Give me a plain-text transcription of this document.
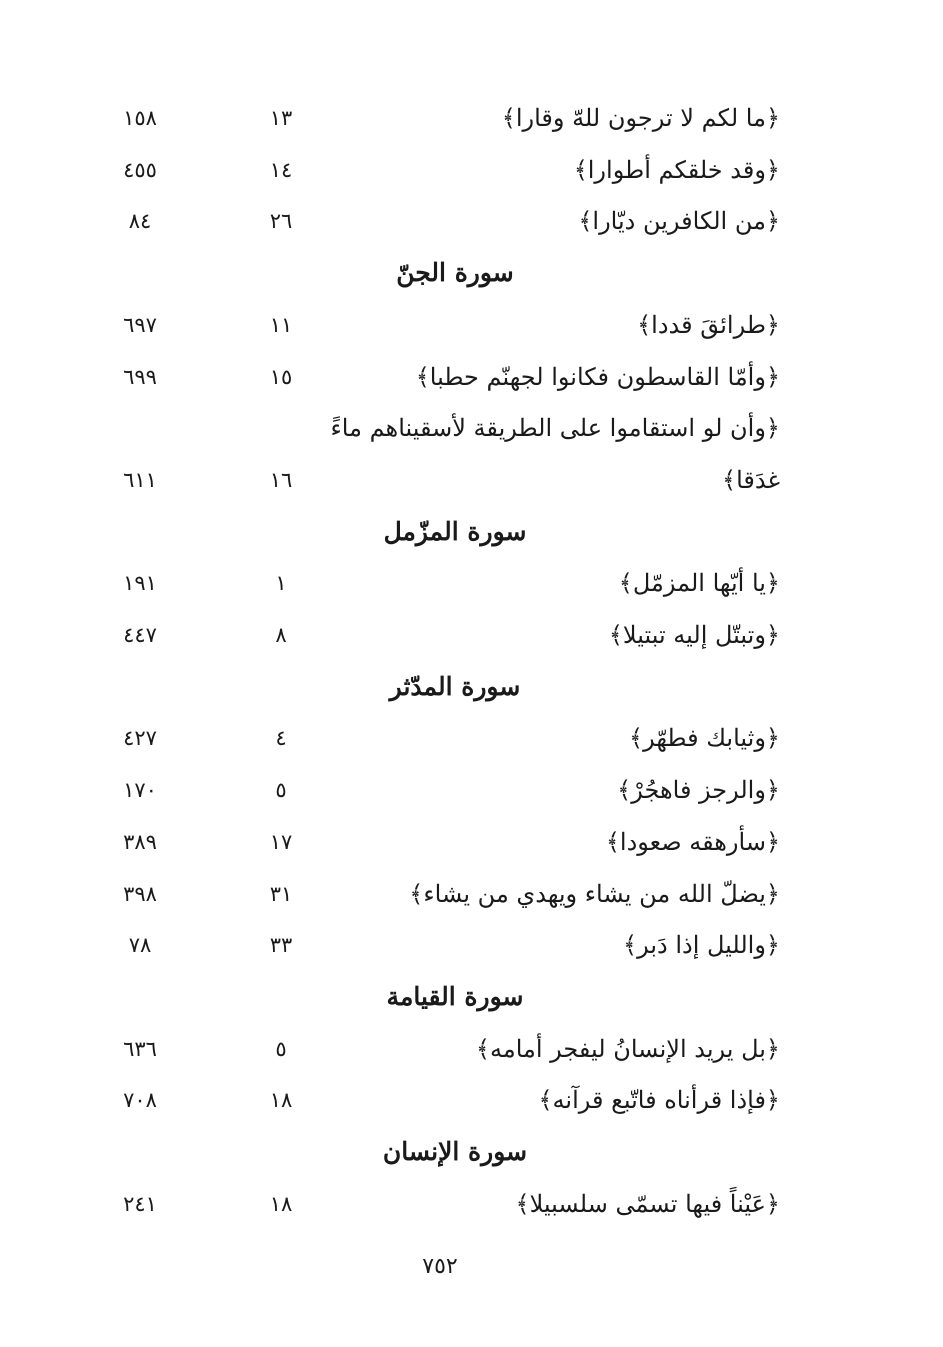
﴿ما لكم لا ترجون للهّ وقارا﴾
١٣
١٥٨
﴿وقد خلقكم أطوارا﴾
١٤
٤٥٥
﴿من الكافرين ديّارا﴾
٢٦
٨٤
سورة الجنّ
﴿طرائقَ قددا﴾
١١
٦٩٧
﴿وأمّا القاسطون فكانوا لجهنّم حطبا﴾
١٥
٦٩٩
﴿وأن لو استقاموا على الطريقة لأسقيناهم ماءً
غدَقا﴾
١٦
٦١١
سورة المزّمل
﴿يا أيّها المزمّل﴾
١
١٩١
﴿وتبتّل إليه تبتيلا﴾
٨
٤٤٧
سورة المدّثر
﴿وثيابك فطهّر﴾
٤
٤٢٧
﴿والرجز فاهجُرْ﴾
٥
١٧٠
﴿سأرهقه صعودا﴾
١٧
٣٨٩
﴿يضلّ الله من يشاء ويهدي من يشاء﴾
٣١
٣٩٨
﴿والليل إذا دَبر﴾
٣٣
٧٨
سورة القيامة
﴿بل يريد الإنسانُ ليفجر أمامه﴾
٥
٦٣٦
﴿فإذا قرأناه فاتّبع قرآنه﴾
١٨
٧٠٨
سورة الإنسان
﴿عَيْناً فيها تسمّى سلسبيلا﴾
١٨
٢٤١
٧٥٢
